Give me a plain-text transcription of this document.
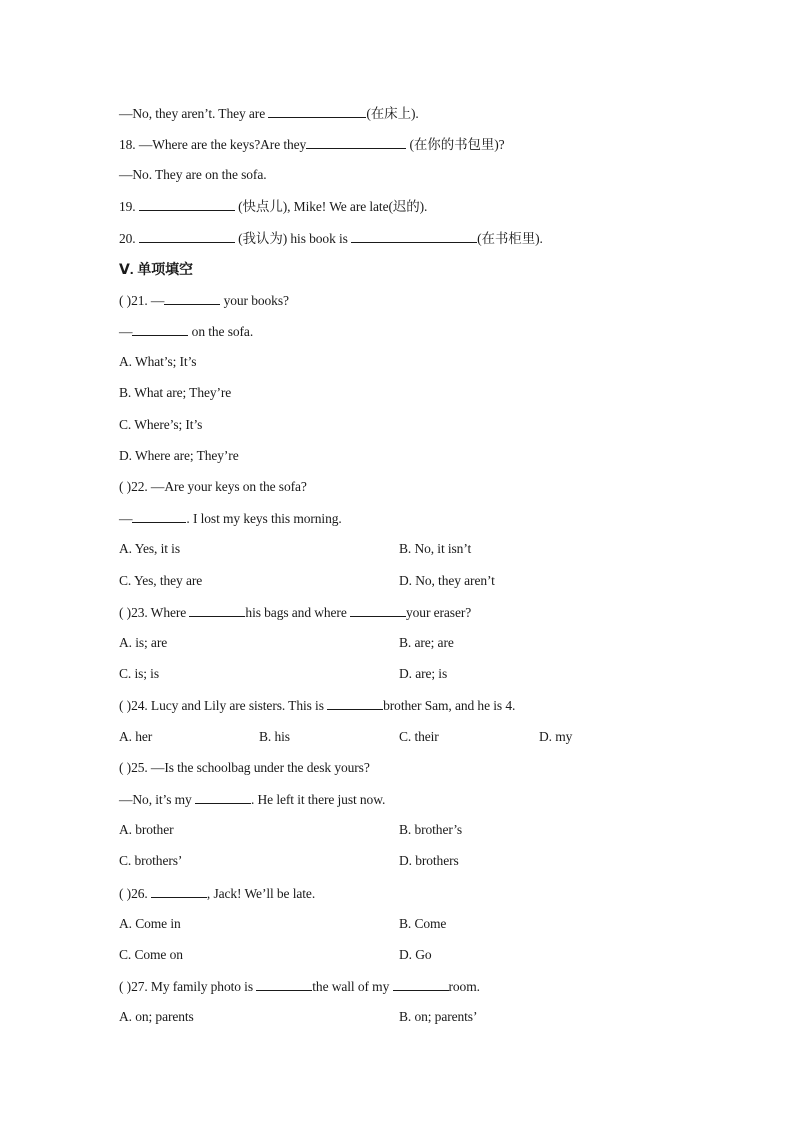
—No, they aren’t. They are	(在床上).
18. —Where are the keys?Are they	(在你的书包里)?
—No. They are on the sofa.
19.	(快点儿), Mike! We are late(迟的).
20.	(我认为) his book is	(在书柜里).
Ⅴ. 单项填空
( )21. —	your books?
—	on the sofa.
A. What’s; It’s
B. What are; They’re
C. Where’s; It’s
D. Where are; They’re
( )22. —Are your keys on the sofa?
—	. I lost my keys this morning.
A. Yes, it is	B. No, it isn’t
C. Yes, they are	D. No, they aren’t
( )23. Where	his bags and where	your eraser?
A. is; are	B. are; are
C. is; is	D. are; is
( )24. Lucy and Lily are sisters. This is	brother Sam, and he is 4.
A. her	B. his	C. their	D. my
( )25. —Is the schoolbag under the desk yours?
—No, it’s my	. He left it there just now.
A. brother	B. brother’s
C. brothers’	D. brothers
( )26.	, Jack! We’ll be late.
A. Come in	B. Come
C. Come on	D. Go
( )27. My family photo is	the wall of my	room.
A. on; parents	B. on; parents’
